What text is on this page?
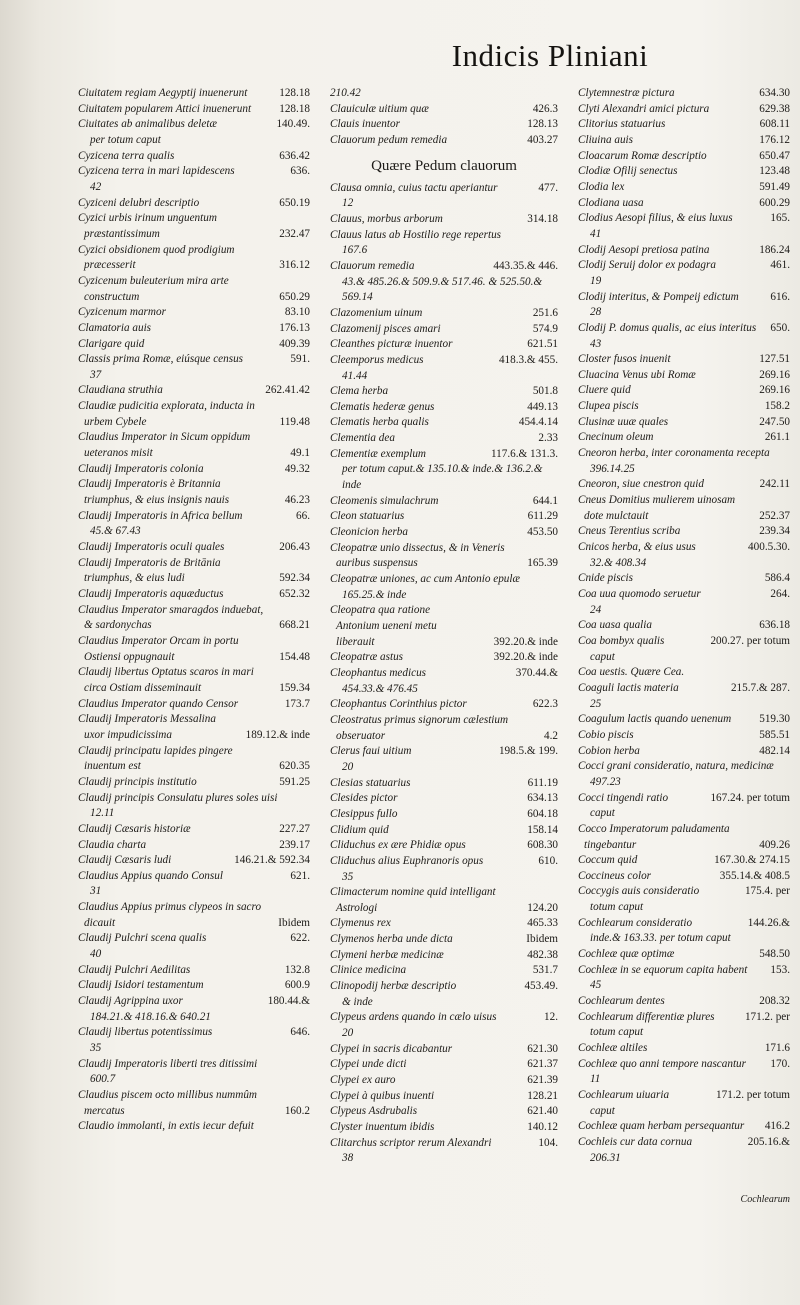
Indicis Pliniani
Ciuitatem regiam Aegyptij inuenerunt	128.18
Ciuitatem popularem Attici inuenerunt	128.18
Ciuitates ab animalibus deletæ	140.49.
per totum caput
Cyzicena terra qualis	636.42
Cyzicena terra in mari lapidescens	636.
42
Cyziceni delubri descriptio	650.19
Cyzici urbis irinum unguentum præstantissimum	232.47
Cyzici obsidionem quod prodigium præcesserit	316.12
Cyzicenum buleuterium mira arte constructum	650.29
Cyzicenum marmor	83.10
Clamatoria auis	176.13
Clarigare quid	409.39
Classis prima Romæ, eiúsque census	591.
37
Claudiana struthia	262.41.42
Claudiæ pudicitia explorata, inducta in urbem Cybele	119.48
Claudius Imperator in Sicum oppidum ueteranos misit	49.1
Claudij Imperatoris colonia	49.32
Claudij Imperatoris è Britannia triumphus, & eius insignis nauis	46.23
Claudij Imperatoris in Africa bellum	66.
45.& 67.43
Claudij Imperatoris oculi quales	206.43
Claudij Imperatoris de Britānia triumphus, & eius ludi	592.34
Claudij Imperatoris aquæductus	652.32
Claudius Imperator smaragdos induebat, & sardonychas	668.21
Claudius Imperator Orcam in portu Ostiensi oppugnauit	154.48
Claudij libertus Optatus scaros in mari circa Ostiam disseminauit	159.34
Claudius Imperator quando Censor	173.7
Claudij Imperatoris Messalina uxor impudicissima	189.12.& inde
Claudij principatu lapides pingere inuentum est	620.35
Claudij principis institutio	591.25
Claudij principis Consulatu plures soles uisi
12.11
Claudij Cæsaris historiæ	227.27
Claudia charta	239.17
Claudij Cæsaris ludi	146.21.& 592.34
Claudius Appius quando Consul	621.
31
Claudius Appius primus clypeos in sacro dicauit	Ibidem
Claudij Pulchri scena qualis	622.
40
Claudij Pulchri Aedilitas	132.8
Claudij Isidori testamentum	600.9
Claudij Agrippina uxor	180.44.&
184.21.& 418.16.& 640.21
Claudij libertus potentissimus	646.
35
Claudij Imperatoris liberti tres ditissimi
600.7
Claudius piscem octo millibus nummûm mercatus	160.2
Claudio immolanti, in extis iecur defuit
210.42
Clauiculæ uitium quæ	426.3
Clauis inuentor	128.13
Clauorum pedum remedia	403.27
Quære Pedum clauorum
Clausa omnia, cuius tactu aperiantur	477.
12
Clauus, morbus arborum	314.18
Clauus latus ab Hostilio rege repertus
167.6
Clauorum remedia	443.35.& 446.
43.& 485.26.& 509.9.& 517.46. & 525.50.& 569.14
Clazomenium uinum	251.6
Clazomenij pisces amari	574.9
Cleanthes picturæ inuentor	621.51
Cleemporus medicus	418.3.& 455.
41.44
Clema herba	501.8
Clematis hederæ genus	449.13
Clematis herba qualis	454.4.14
Clementia dea	2.33
Clementiæ exemplum	117.6.& 131.3.
per totum caput.& 135.10.& inde.& 136.2.& inde
Cleomenis simulachrum	644.1
Cleon statuarius	611.29
Cleonicion herba	453.50
Cleopatræ unio dissectus, & in Veneris auribus suspensus	165.39
Cleopatræ uniones, ac cum Antonio epulæ
165.25.& inde
Cleopatra qua ratione Antonium ueneni metu liberauit	392.20.& inde
Cleopatræ astus	392.20.& inde
Cleophantus medicus	370.44.&
454.33.& 476.45
Cleophantus Corinthius pictor	622.3
Cleostratus primus signorum cælestium obseruator	4.2
Clerus faui uitium	198.5.& 199.
20
Clesias statuarius	611.19
Clesides pictor	634.13
Clesippus fullo	604.18
Clidium quid	158.14
Cliduchus ex ære Phidiæ opus	608.30
Cliduchus alius Euphranoris opus	610.
35
Climacterum nomine quid intelligant Astrologi	124.20
Clymenus rex	465.33
Clymenos herba unde dicta	Ibidem
Clymeni herbæ medicinæ	482.38
Clinice medicina	531.7
Clinopodij herbæ descriptio	453.49.
& inde
Clypeus ardens quando in cælo uisus	12.
20
Clypei in sacris dicabantur	621.30
Clypei unde dicti	621.37
Clypei ex auro	621.39
Clypei à quibus inuenti	128.21
Clypeus Asdrubalis	621.40
Clyster inuentum ibidis	140.12
Clitarchus scriptor rerum Alexandri	104.
38
Clytemnestræ pictura	634.30
Clyti Alexandri amici pictura	629.38
Clitorius statuarius	608.11
Cliuina auis	176.12
Cloacarum Romæ descriptio	650.47
Clodiæ Ofilij senectus	123.48
Clodia lex	591.49
Clodiana uasa	600.29
Clodius Aesopi filius, & eius luxus	165.
41
Clodij Aesopi pretiosa patina	186.24
Clodij Seruij dolor ex podagra	461.
19
Clodij interitus, & Pompeij edictum	616.
28
Clodij P. domus qualis, ac eius interitus	650.
43
Closter fusos inuenit	127.51
Cluacina Venus ubi Romæ	269.16
Cluere quid	269.16
Clupea piscis	158.2
Clusinæ uuæ quales	247.50
Cnecinum oleum	261.1
Cneoron herba, inter coronamenta recepta
396.14.25
Cneoron, siue cnestron quid	242.11
Cneus Domitius mulierem uinosam dote mulctauit	252.37
Cneus Terentius scriba	239.34
Cnicos herba, & eius usus	400.5.30.
32.& 408.34
Cnide piscis	586.4
Coa uua quomodo seruetur	264.
24
Coa uasa qualia	636.18
Coa bombyx qualis	200.27. per totum
caput
Coa uestis. Quære Cea.
Coaguli lactis materia	215.7.& 287.
25
Coagulum lactis quando uenenum	519.30
Cobio piscis	585.51
Cobion herba	482.14
Cocci grani consideratio, natura, medicinæ
497.23
Cocci tingendi ratio	167.24. per totum
caput
Cocco Imperatorum paludamenta tingebantur	409.26
Coccum quid	167.30.& 274.15
Coccineus color	355.14.& 408.5
Coccygis auis consideratio	175.4. per
totum caput
Cochlearum consideratio	144.26.&
inde.& 163.33. per totum caput
Cochleæ quæ optimæ	548.50
Cochleæ in se equorum capita habent	153.
45
Cochlearum dentes	208.32
Cochlearum differentiæ plures	171.2. per
totum caput
Cochleæ altiles	171.6
Cochleæ quo anni tempore nascantur	170.
11
Cochlearum uiuaria	171.2. per totum
caput
Cochleæ quam herbam persequantur	416.2
Cochleis cur data cornua	205.16.&
206.31
Cochlearum
